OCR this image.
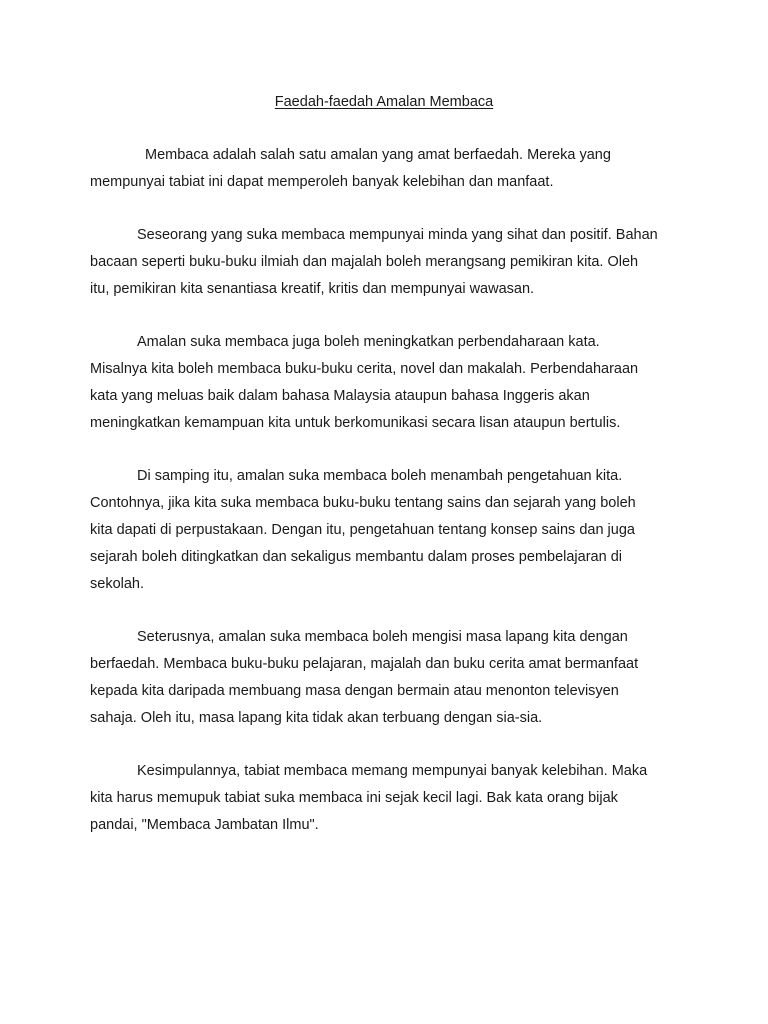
Faedah-faedah Amalan Membaca

Membaca adalah salah satu amalan yang amat berfaedah. Mereka yang
mempunyai tabiat ini dapat memperoleh banyak kelebihan dan manfaat.

Seseorang yang suka membaca mempunyai minda yang sihat dan positif. Bahan
bacaan seperti buku-buku ilmiah dan majalah boleh merangsang pemikiran kita. Oleh
itu, pemikiran kita senantiasa kreatif, kritis dan mempunyai wawasan.

Amalan suka membaca juga boleh meningkatkan perbendaharaan kata.
Misalnya kita boleh membaca buku-buku cerita, novel dan makalah. Perbendaharaan
kata yang meluas baik dalam bahasa Malaysia ataupun bahasa Inggeris akan
meningkatkan kemampuan kita untuk berkomunikasi secara lisan ataupun bertulis.

Di samping itu, amalan suka membaca boleh menambah pengetahuan kita.
Contohnya, jika kita suka membaca buku-buku tentang sains dan sejarah yang boleh
kita dapati di perpustakaan. Dengan itu, pengetahuan tentang konsep sains dan juga
sejarah boleh ditingkatkan dan sekaligus membantu dalam proses pembelajaran di
sekolah.

Seterusnya, amalan suka membaca boleh mengisi masa lapang kita dengan
berfaedah. Membaca buku-buku pelajaran, majalah dan buku cerita amat bermanfaat
kepada kita daripada membuang masa dengan bermain atau menonton televisyen
sahaja. Oleh itu, masa lapang kita tidak akan terbuang dengan sia-sia.

Kesimpulannya, tabiat membaca memang mempunyai banyak kelebihan. Maka
kita harus memupuk tabiat suka membaca ini sejak kecil lagi. Bak kata orang bijak
pandai, "Membaca Jambatan Ilmu".
